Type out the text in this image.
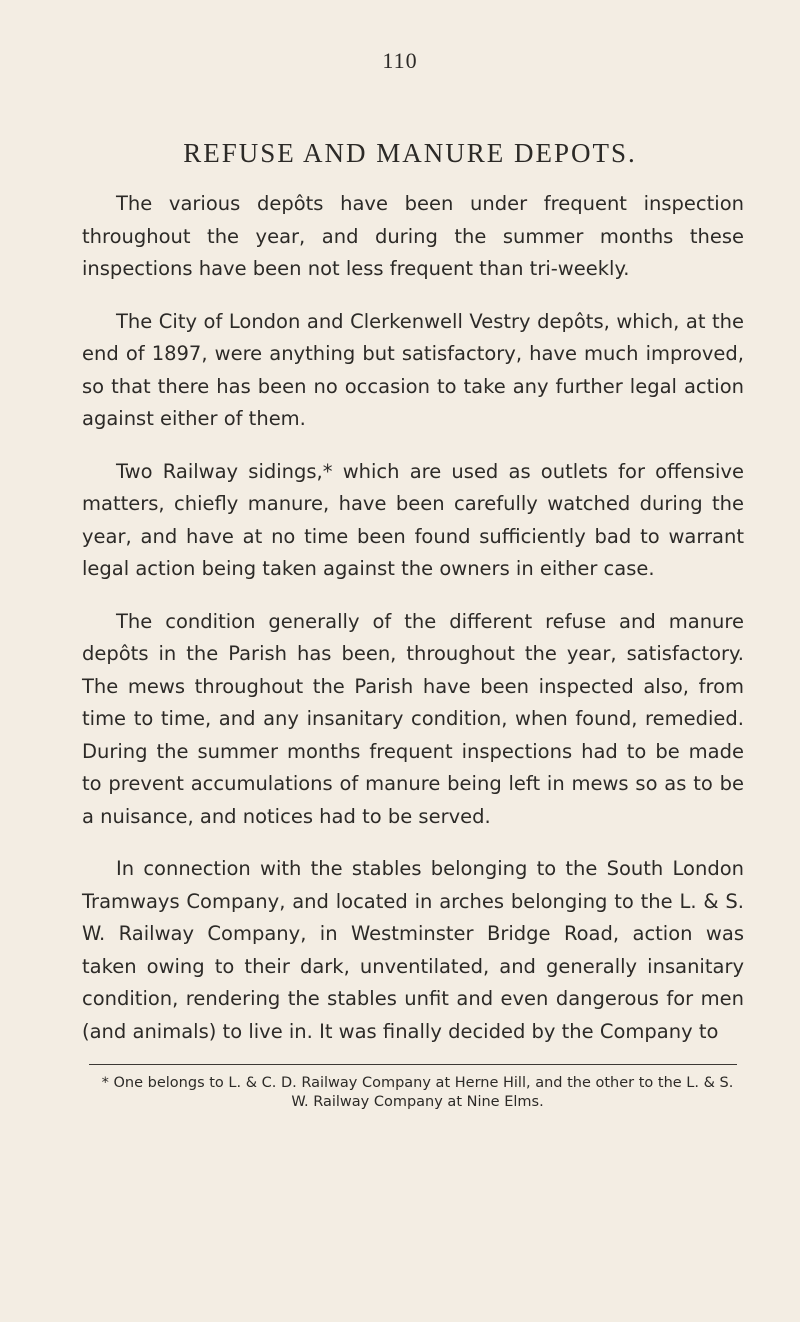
110
REFUSE AND MANURE DEPOTS.

The various depôts have been under frequent inspection throughout the year, and during the summer months these inspections have been not less frequent than tri-weekly.

The City of London and Clerkenwell Vestry depôts, which, at the end of 1897, were anything but satisfactory, have much improved, so that there has been no occasion to take any further legal action against either of them.

Two Railway sidings,* which are used as outlets for offensive matters, chiefly manure, have been carefully watched during the year, and have at no time been found sufficiently bad to warrant legal action being taken against the owners in either case.

The condition generally of the different refuse and manure depôts in the Parish has been, throughout the year, satisfactory. The mews throughout the Parish have been inspected also, from time to time, and any insanitary condition, when found, remedied. During the summer months frequent inspections had to be made to prevent accumulations of manure being left in mews so as to be a nuisance, and notices had to be served.

In connection with the stables belonging to the South London Tramways Company, and located in arches belonging to the L. & S. W. Railway Company, in Westminster Bridge Road, action was taken owing to their dark, unventilated, and generally insanitary condition, rendering the stables unfit and even dangerous for men (and animals) to live in. It was finally decided by the Company to

* One belongs to L. & C. D. Railway Company at Herne Hill, and the other to the L. & S. W. Railway Company at Nine Elms.
